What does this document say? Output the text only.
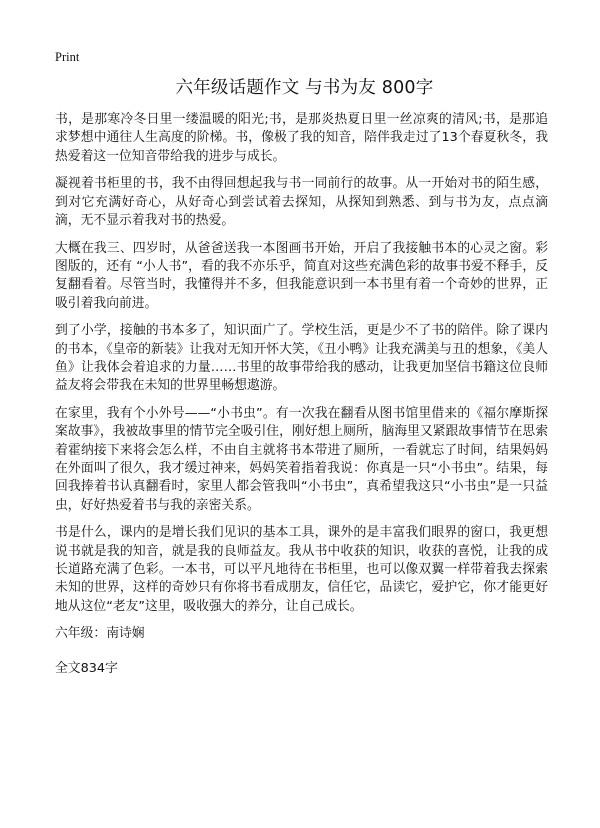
Print
六年级话题作文 与书为友 800字
书，是那寒冷冬日里一缕温暖的阳光;书，是那炎热夏日里一丝凉爽的清风;书，是那追求梦想中通往人生高度的阶梯。书，像极了我的知音，陪伴我走过了13个春夏秋冬，我热爱着这一位知音带给我的进步与成长。
凝视着书柜里的书，我不由得回想起我与书一同前行的故事。从一开始对书的陌生感，到对它充满好奇心，从好奇心到尝试着去探知，从探知到熟悉、到与书为友，点点滴滴，无不显示着我对书的热爱。
大概在我三、四岁时，从爸爸送我一本图画书开始，开启了我接触书本的心灵之窗。彩图版的，还有 “小人书”，看的我不亦乐乎，简直对这些充满色彩的故事书爱不释手，反复翻看着。尽管当时，我懂得并不多，但我能意识到一本书里有着一个奇妙的世界，正吸引着我向前进。
到了小学，接触的书本多了，知识面广了。学校生活，更是少不了书的陪伴。除了课内的书本，《皇帝的新装》让我对无知开怀大笑，《丑小鸭》让我充满美与丑的想象，《美人鱼》让我体会着追求的力量……书里的故事带给我的感动，让我更加坚信书籍这位良师益友将会带我在未知的世界里畅想遨游。
在家里，我有个小外号——“小书虫”。有一次我在翻看从图书馆里借来的《福尔摩斯探案故事》，我被故事里的情节完全吸引住，刚好想上厕所，脑海里又紧跟故事情节在思索着霍纳接下来将会怎么样，不由自主就将书本带进了厕所，一看就忘了时间，结果妈妈在外面叫了很久，我才缓过神来，妈妈笑着指着我说：你真是一只“小书虫”。结果，每回我捧着书认真翻看时，家里人都会管我叫“小书虫”，真希望我这只“小书虫”是一只益虫，好好热爱着书与我的亲密关系。
书是什么，课内的是增长我们见识的基本工具，课外的是丰富我们眼界的窗口，我更想说书就是我的知音，就是我的良师益友。我从书中收获的知识，收获的喜悦，让我的成长道路充满了色彩。一本书，可以平凡地待在书柜里，也可以像双翼一样带着我去探索未知的世界，这样的奇妙只有你将书看成朋友，信任它，品读它，爱护它，你才能更好地从这位“老友”这里，吸收强大的养分，让自己成长。
六年级：南诗娴
全文834字
